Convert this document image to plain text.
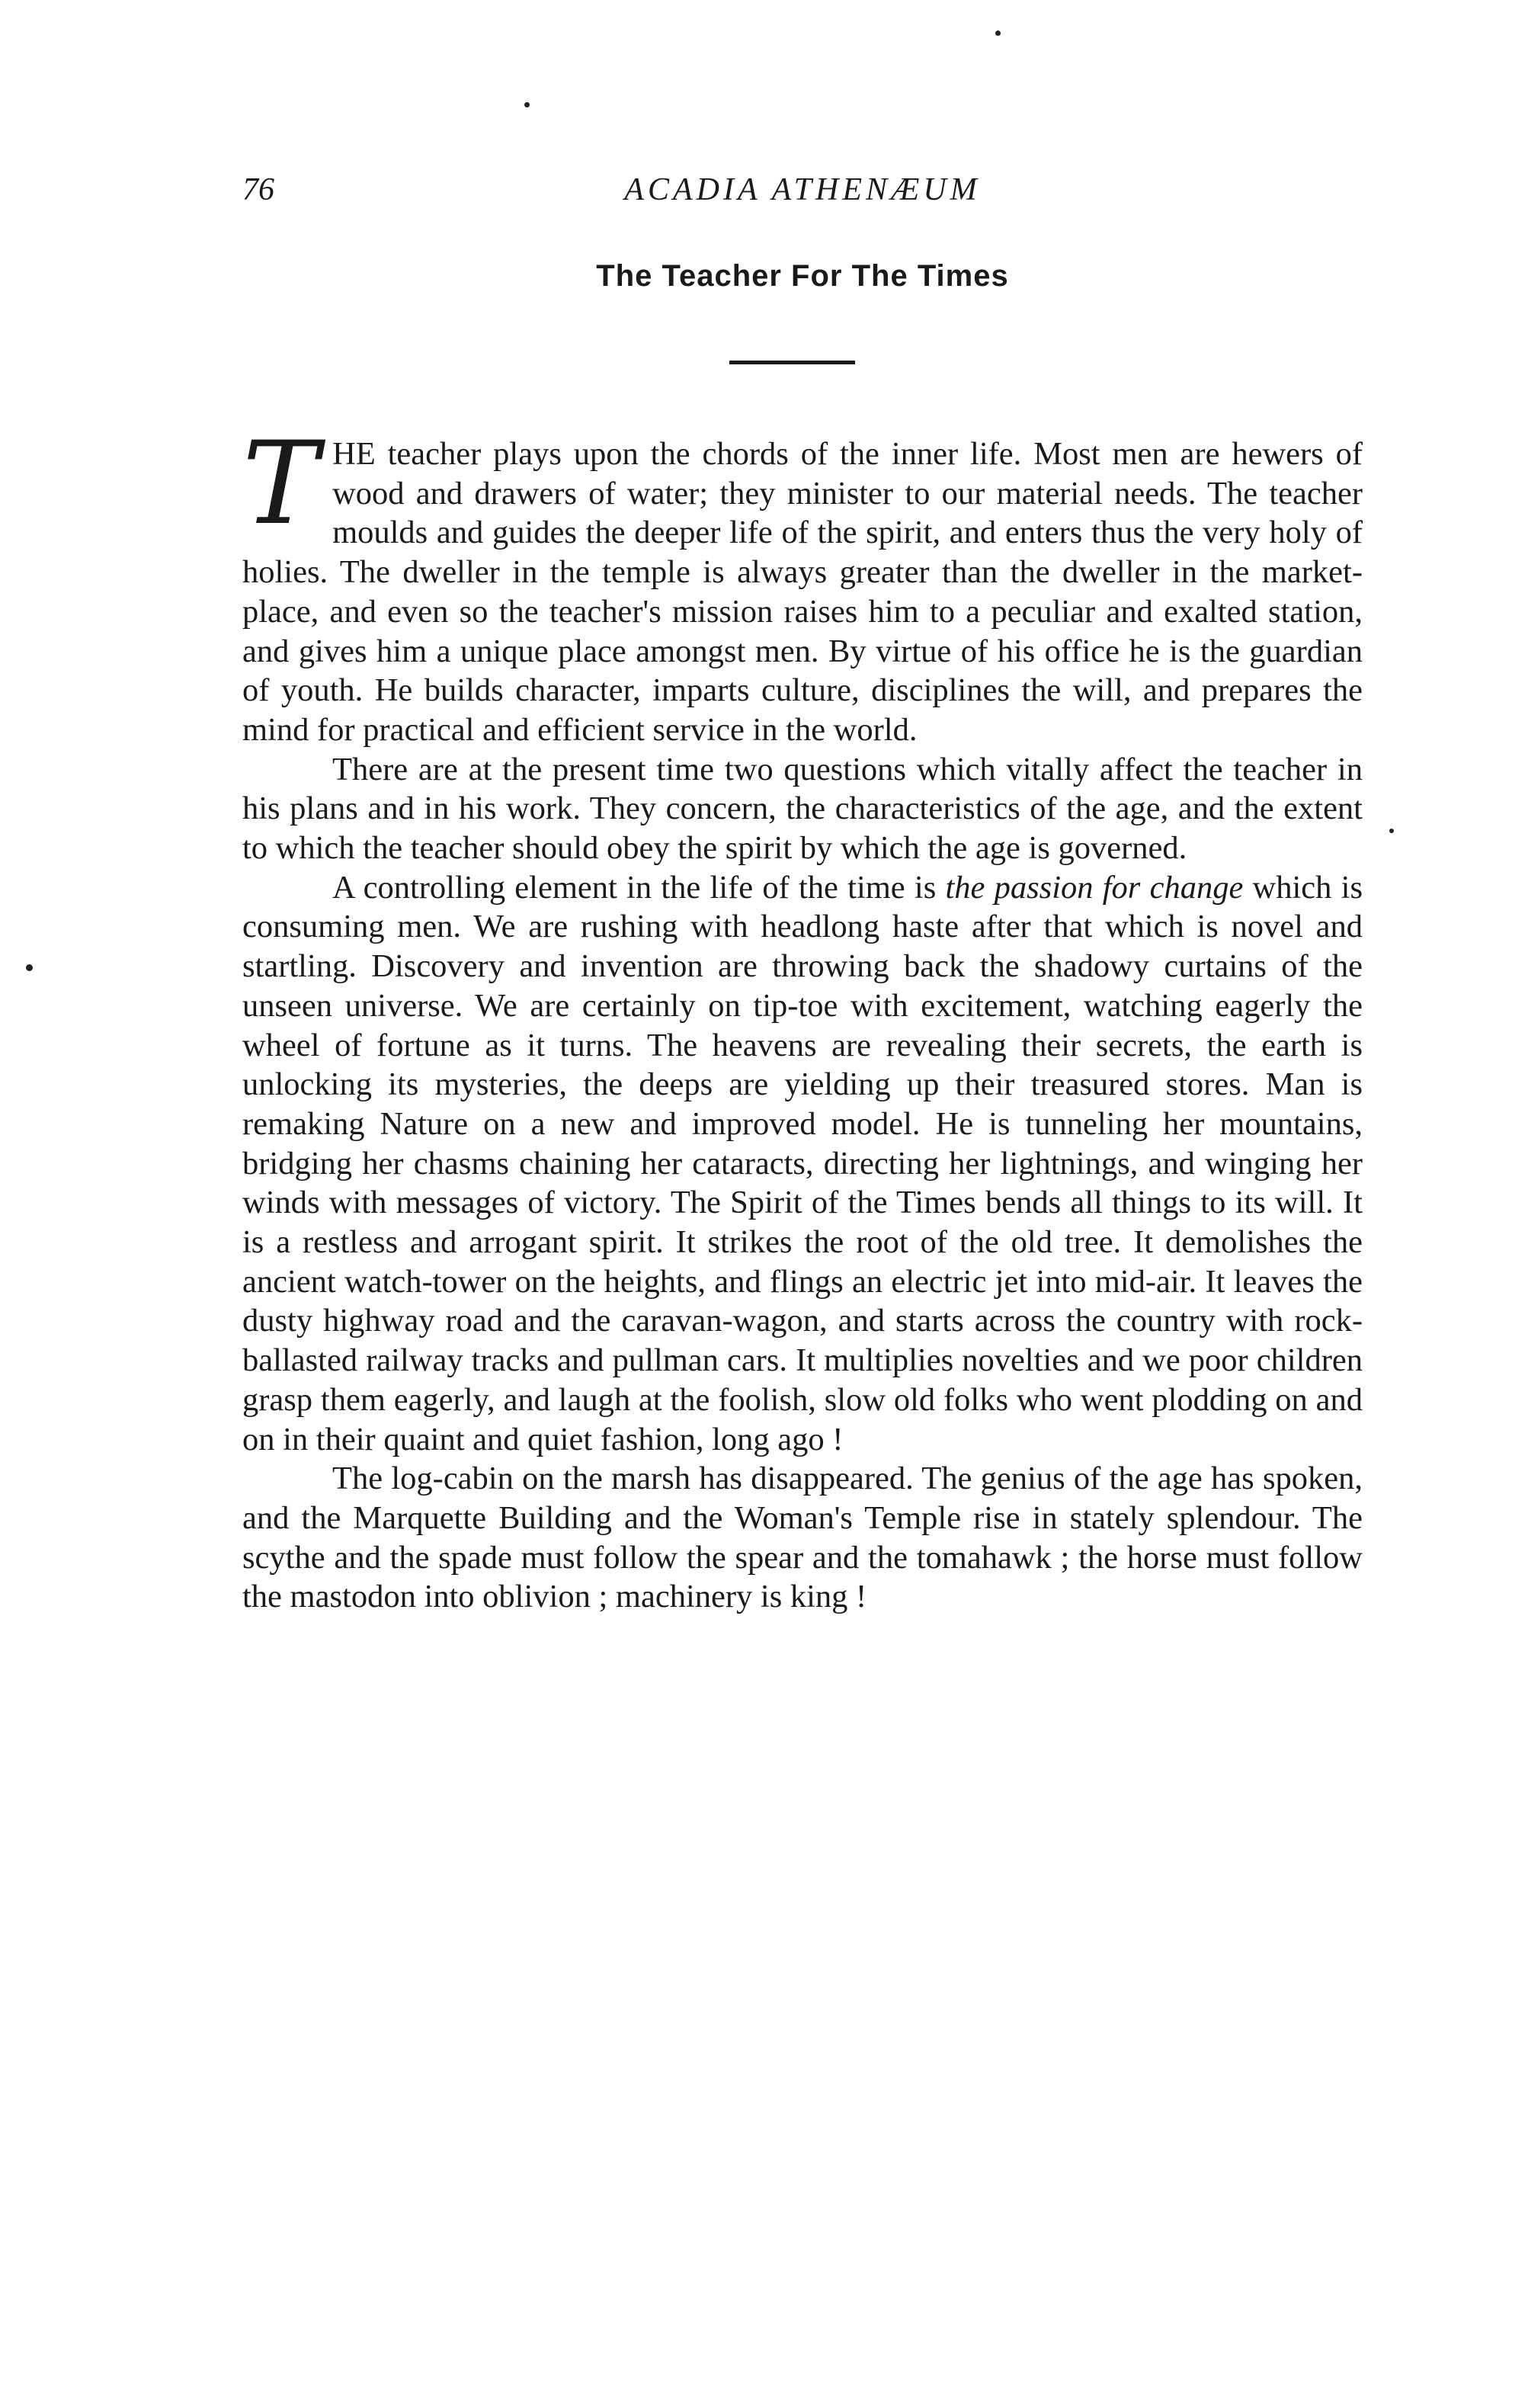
76	ACADIA ATHENÆUM
The Teacher For The Times

THE teacher plays upon the chords of the inner life. Most men are hewers of wood and drawers of water; they minister to our material needs. The teacher moulds and guides the deeper life of the spirit, and enters thus the very holy of holies. The dweller in the temple is always greater than the dweller in the market-place, and even so the teacher's mission raises him to a peculiar and exalted station, and gives him a unique place amongst men. By virtue of his office he is the guardian of youth. He builds character, imparts culture, disciplines the will, and prepares the mind for practical and efficient service in the world.

There are at the present time two questions which vitally affect the teacher in his plans and in his work. They concern, the characteristics of the age, and the extent to which the teacher should obey the spirit by which the age is governed.

A controlling element in the life of the time is the passion for change which is consuming men. We are rushing with headlong haste after that which is novel and startling. Discovery and invention are throwing back the shadowy curtains of the unseen universe. We are certainly on tip-toe with excitement, watching eagerly the wheel of fortune as it turns. The heavens are revealing their secrets, the earth is unlocking its mysteries, the deeps are yielding up their treasured stores. Man is remaking Nature on a new and improved model. He is tunneling her mountains, bridging her chasms chaining her cataracts, directing her lightnings, and winging her winds with messages of victory. The Spirit of the Times bends all things to its will. It is a restless and arrogant spirit. It strikes the root of the old tree. It demolishes the ancient watch-tower on the heights, and flings an electric jet into mid-air. It leaves the dusty highway road and the caravan-wagon, and starts across the country with rock-ballasted railway tracks and pullman cars. It multiplies novelties and we poor children grasp them eagerly, and laugh at the foolish, slow old folks who went plodding on and on in their quaint and quiet fashion, long ago !

The log-cabin on the marsh has disappeared. The genius of the age has spoken, and the Marquette Building and the Woman's Temple rise in stately splendour. The scythe and the spade must follow the spear and the tomahawk ; the horse must follow the mastodon into oblivion ; machinery is king !
